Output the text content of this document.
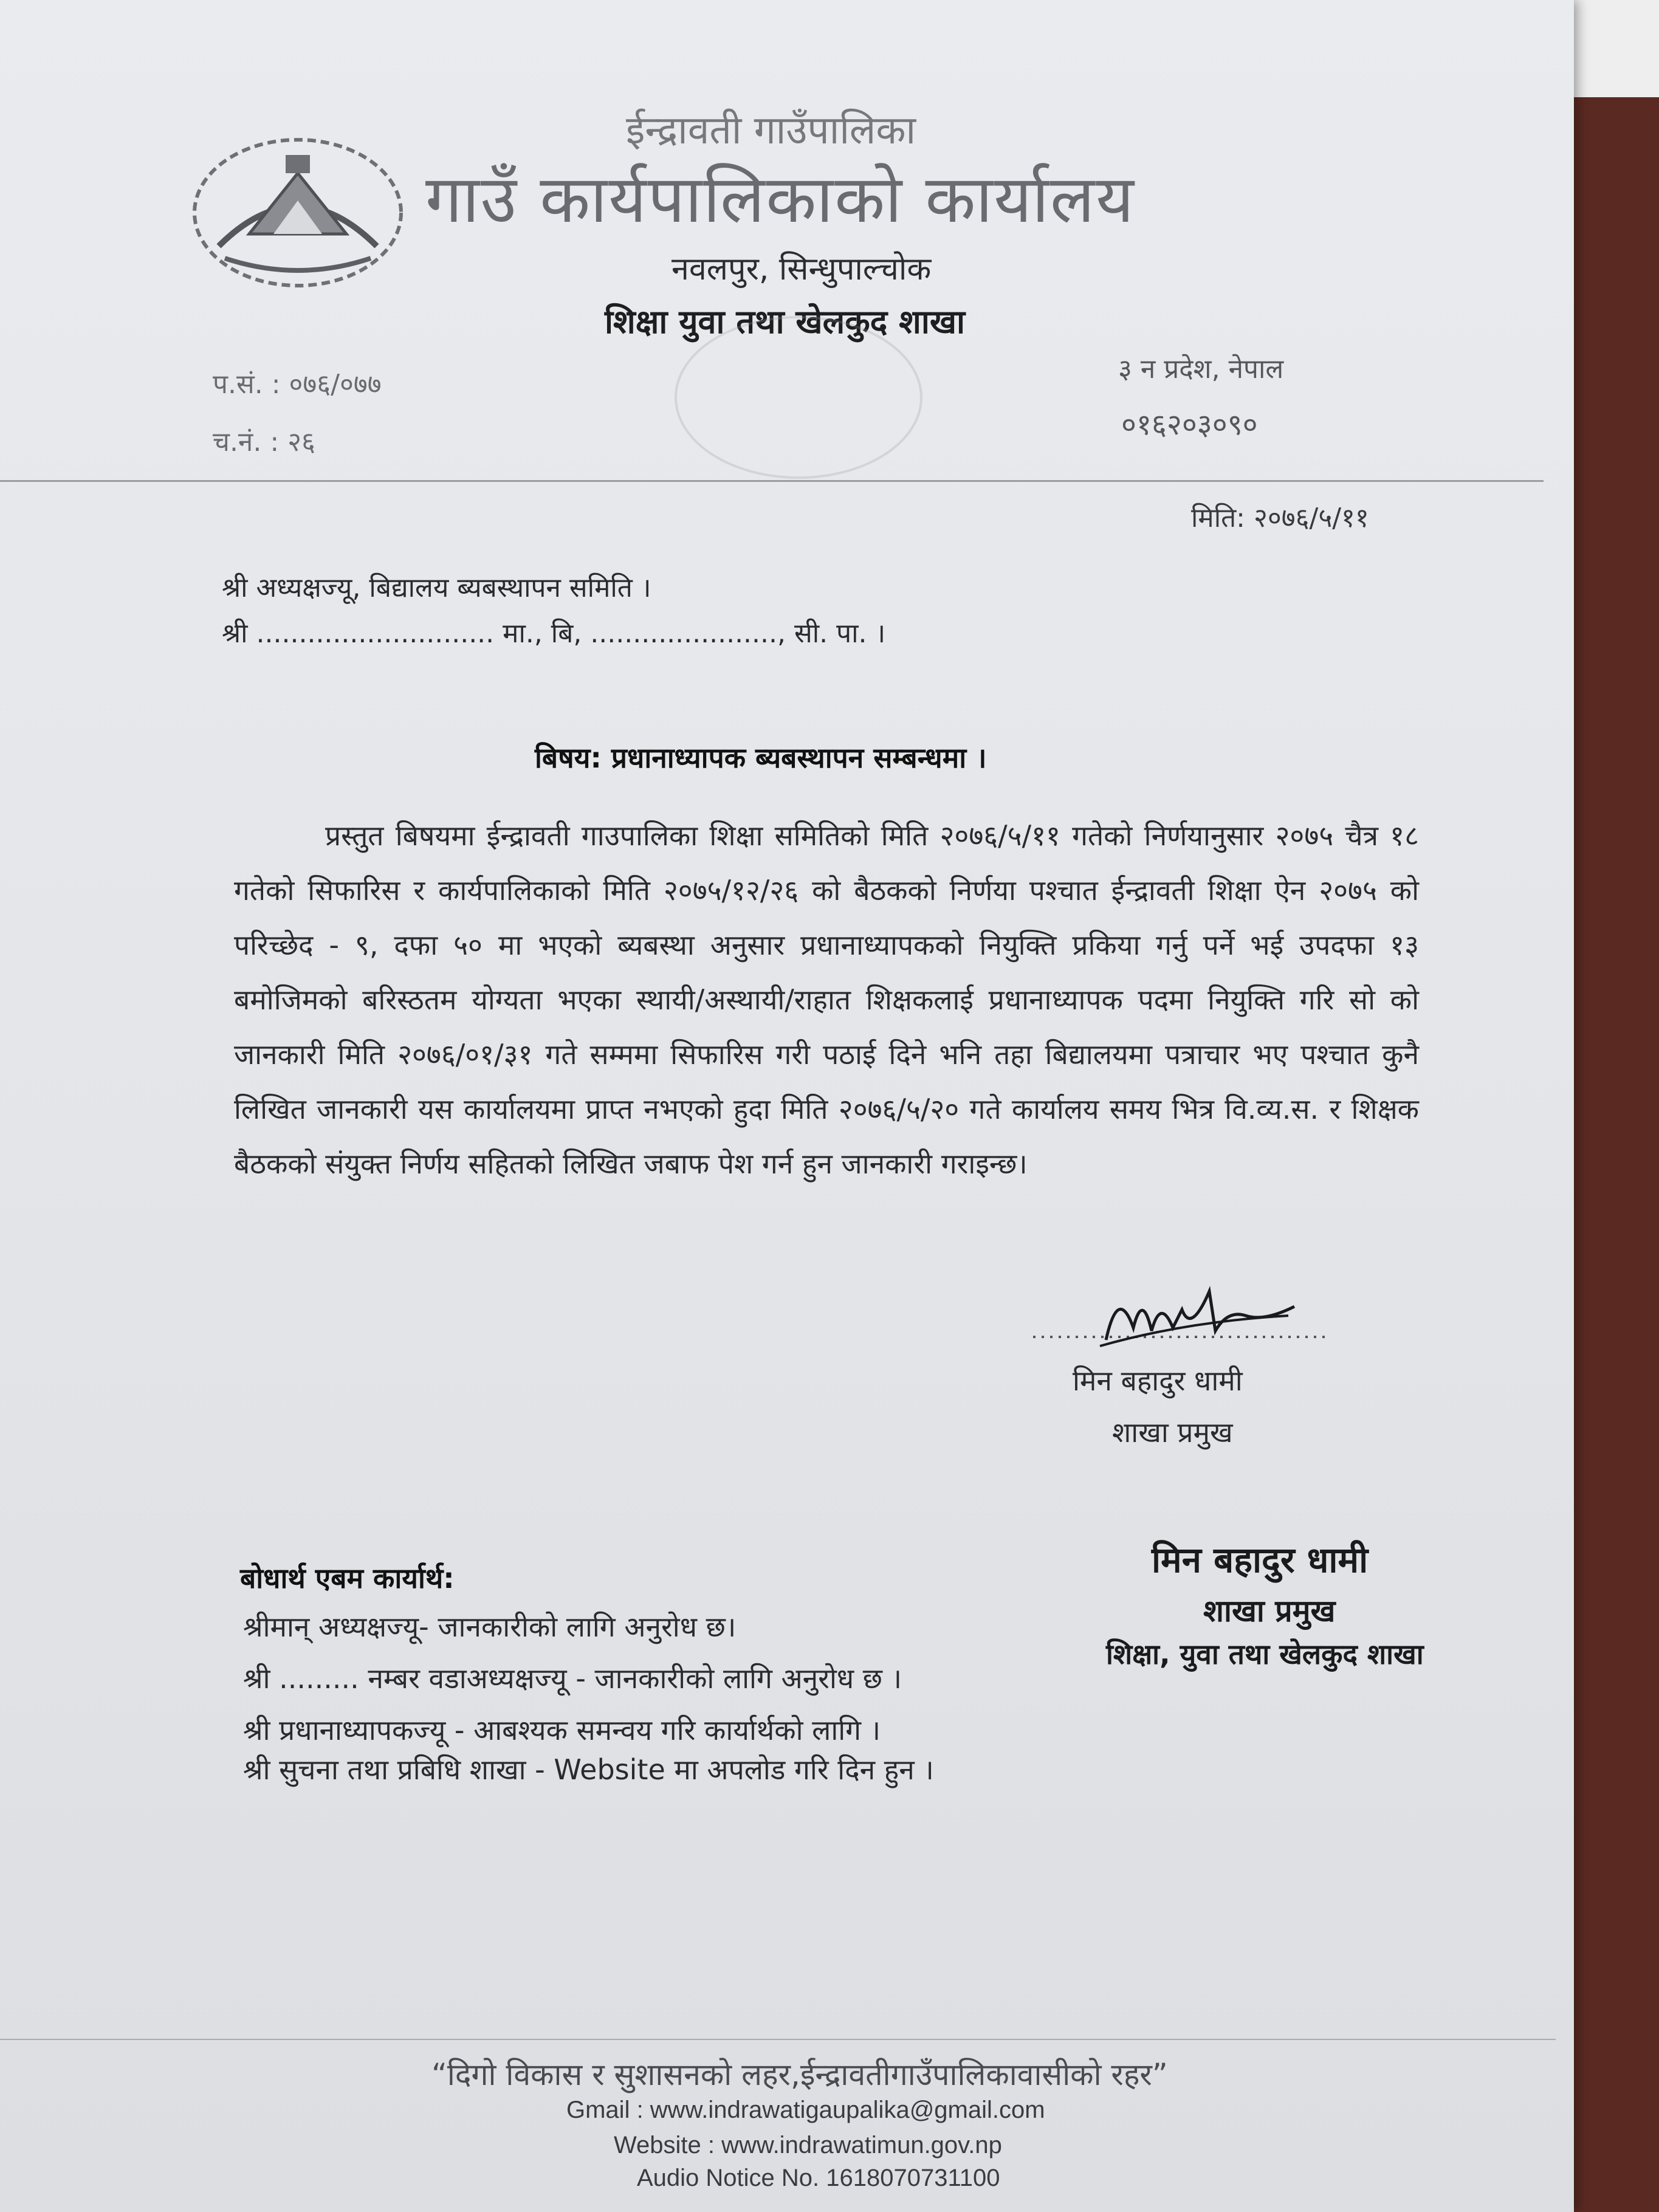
ईन्द्रावती गाउँपालिका
गाउँ कार्यपालिकाको कार्यालय
नवलपुर, सिन्धुपाल्चोक
शिक्षा युवा तथा खेलकुद शाखा
प.सं. : ०७६/०७७
च.नं. : २६
३ न प्रदेश, नेपाल
०१६२०३०९०
मिति: २०७६/५/११
श्री अध्यक्षज्यू, बिद्यालय ब्यबस्थापन समिति ।
श्री ............................ मा., बि, ......................, सी. पा. ।
बिषय: प्रधानाध्यापक ब्यबस्थापन सम्बन्धमा ।
प्रस्तुत बिषयमा ईन्द्रावती गाउपालिका शिक्षा समितिको मिति २०७६/५/११ गतेको निर्णयानुसार २०७५ चैत्र १८ गतेको सिफारिस र कार्यपालिकाको मिति २०७५/१२/२६ को बैठकको निर्णया पश्चात ईन्द्रावती शिक्षा ऐन २०७५ को परिच्छेद - ९, दफा ५० मा भएको ब्यबस्था अनुसार प्रधानाध्यापकको नियुक्ति प्रकिया गर्नु पर्ने भई उपदफा १३ बमोजिमको बरिस्ठतम योग्यता भएका स्थायी/अस्थायी/राहात शिक्षकलाई प्रधानाध्यापक पदमा नियुक्ति गरि सो को जानकारी मिति २०७६/०१/३१ गते सम्ममा सिफारिस गरी पठाई दिने भनि तहा बिद्यालयमा पत्राचार भए पश्चात कुनै लिखित जानकारी यस कार्यालयमा प्राप्त नभएको हुदा मिति २०७६/५/२० गते कार्यालय समय भित्र वि.व्य.स. र शिक्षक बैठकको संयुक्त निर्णय सहितको लिखित जबाफ पेश गर्न हुन जानकारी गराइन्छ।
मिन बहादुर धामी
शाखा प्रमुख
बोधार्थ एबम कार्यार्थ:
श्रीमान् अध्यक्षज्यू- जानकारीको लागि अनुरोध छ।
श्री ......... नम्बर वडाअध्यक्षज्यू - जानकारीको लागि अनुरोध छ ।
श्री प्रधानाध्यापकज्यू - आबश्यक समन्वय गरि कार्यार्थको लागि ।
श्री सुचना तथा प्रबिधि शाखा - Website मा अपलोड गरि दिन हुन ।
मिन बहादुर धामी
शाखा प्रमुख
शिक्षा, युवा तथा खेलकुद शाखा
“दिगो विकास र सुशासनको लहर,ईन्द्रावतीगाउँपालिकावासीको रहर”
Gmail : www.indrawatigaupalika@gmail.com
Website : www.indrawatimun.gov.np
Audio Notice No. 1618070731100
